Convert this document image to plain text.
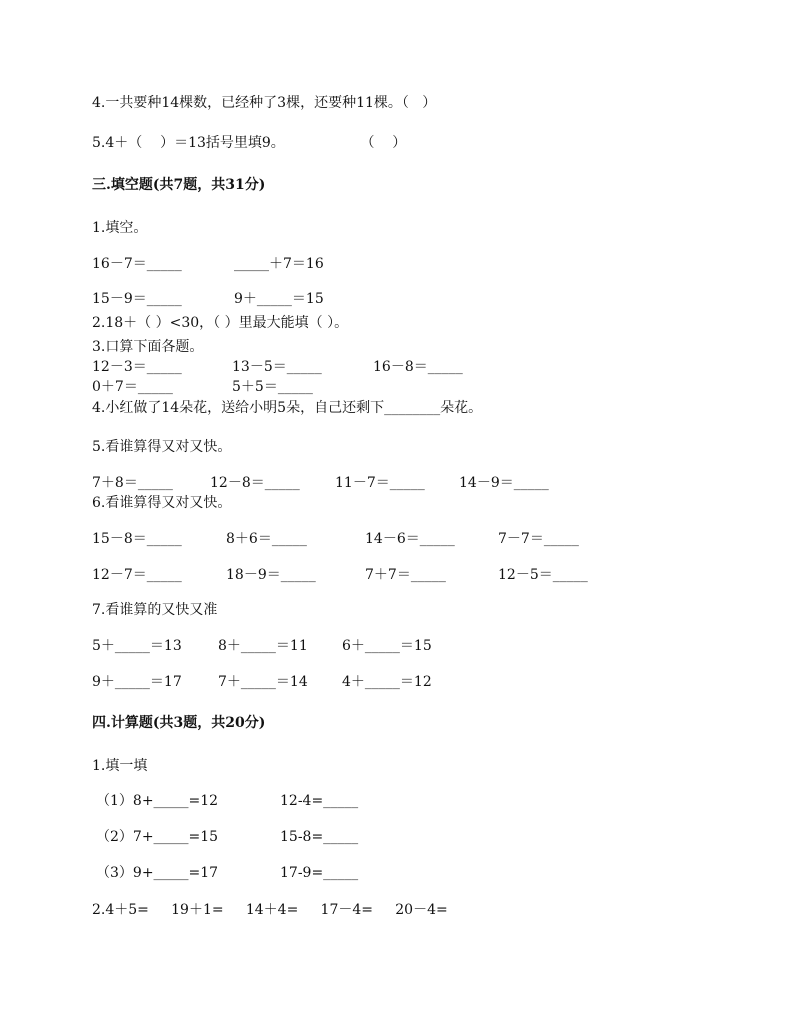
4.一共要种14棵数，已经种了3棵，还要种11棵。（   ）
5.4＋（    ）＝13括号里填9。                 （    ）
三.填空题(共7题，共31分)
1.填空。
16－7＝_____	_____＋7＝16
15－9＝_____	9＋_____＝15
2.18＋（ ）<30，（ ）里最大能填（ ）。
3.口算下面各题。
12－3＝_____	13－5＝_____	16－8＝_____
0＋7＝_____	5＋5＝_____
4.小红做了14朵花，送给小明5朵，自己还剩下________朵花。
5.看谁算得又对又快。
7＋8＝_____	12－8＝_____	11－7＝_____ 14－9＝_____
6.看谁算得又对又快。
15－8＝_____	8＋6＝_____	14－6＝_____	7－7＝_____
12－7＝_____	18－9＝_____	7＋7＝_____	12－5＝_____
7.看谁算的又快又准
5＋_____＝13	8＋_____＝11 6＋_____＝15
9＋_____＝17	7＋_____＝14 4＋_____＝12
四.计算题(共3题，共20分)
1.填一填
（1）8+_____=12	12-4=_____
（2）7+_____=15	15-8=_____
（3）9+_____=17	17-9=_____
2.4＋5=     19＋1=     14＋4=     17－4=     20－4=
